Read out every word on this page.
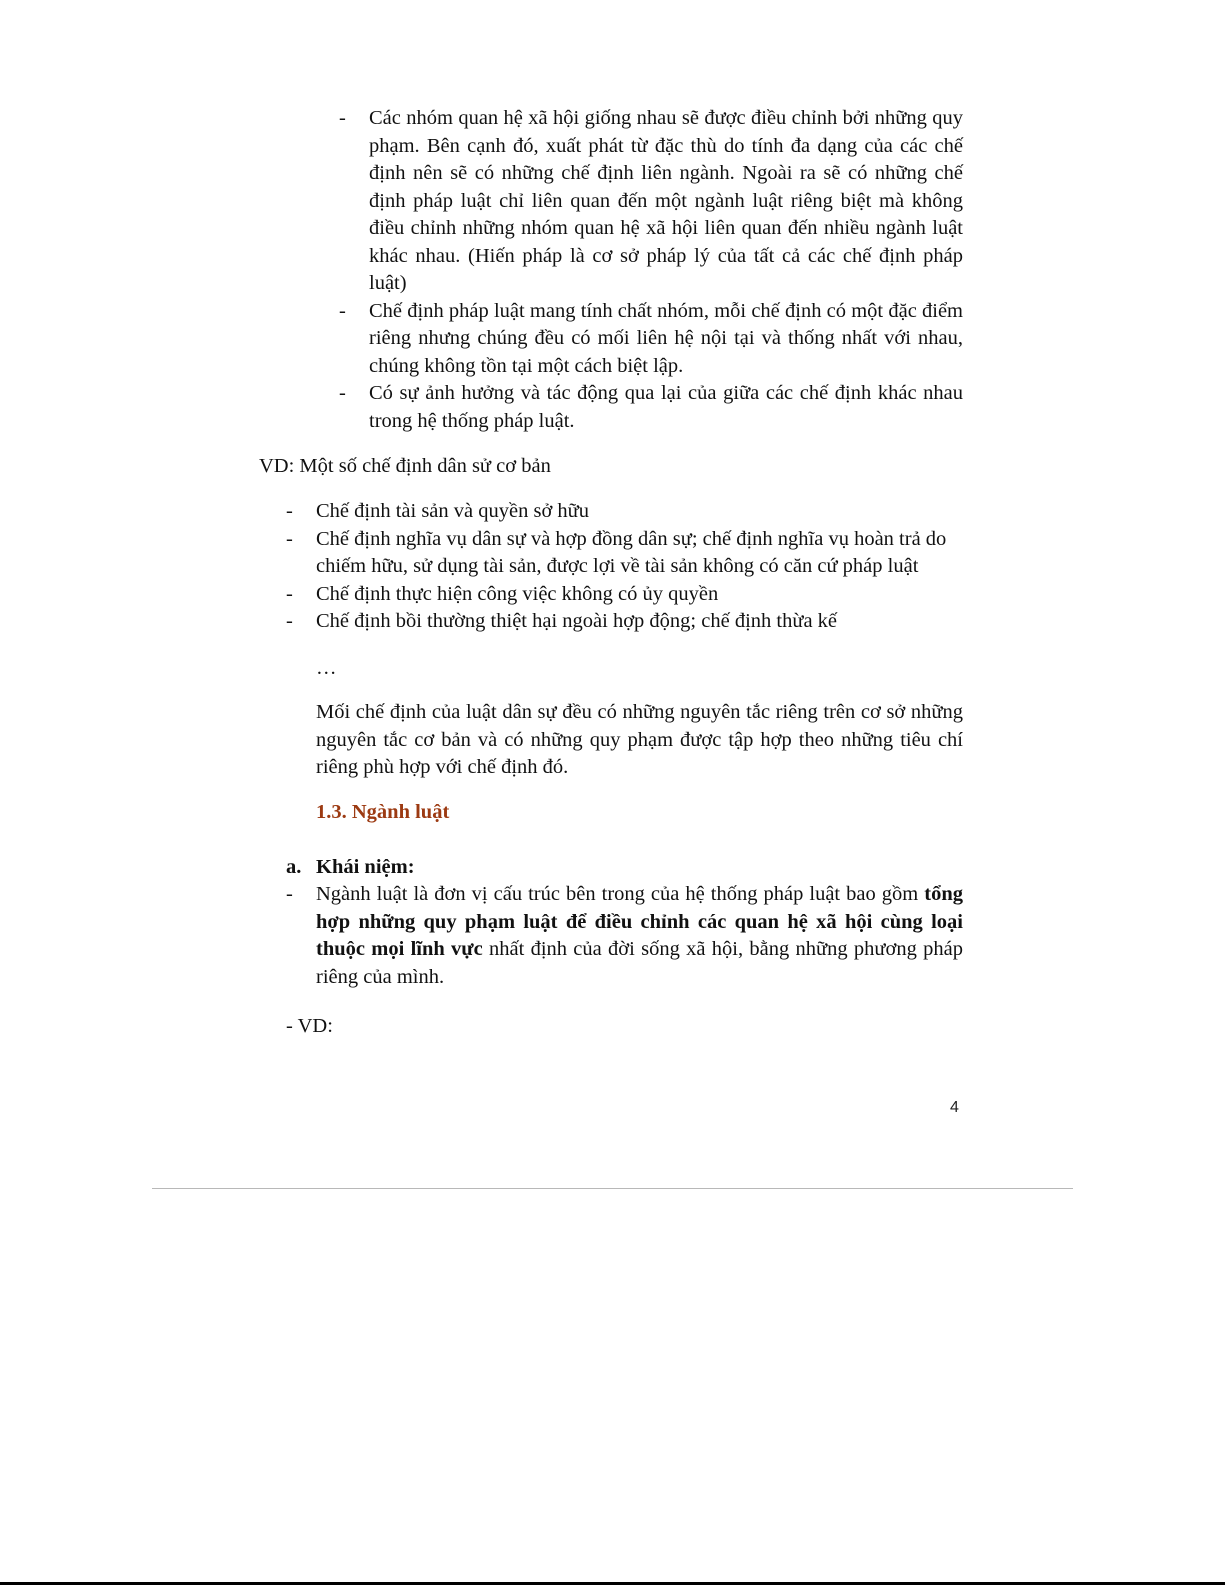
- Các nhóm quan hệ xã hội giống nhau sẽ được điều chỉnh bởi những quy phạm. Bên cạnh đó, xuất phát từ đặc thù do tính đa dạng của các chế định nên sẽ có những chế định liên ngành. Ngoài ra sẽ có những chế định pháp luật chỉ liên quan đến một ngành luật riêng biệt mà không điều chỉnh những nhóm quan hệ xã hội liên quan đến nhiều ngành luật khác nhau. (Hiến pháp là cơ sở pháp lý của tất cả các chế định pháp luật)
- Chế định pháp luật mang tính chất nhóm, mỗi chế định có một đặc điểm riêng nhưng chúng đều có mối liên hệ nội tại và thống nhất với nhau, chúng không tồn tại một cách biệt lập.
- Có sự ảnh hưởng và tác động qua lại của giữa các chế định khác nhau trong hệ thống pháp luật.
VD: Một số chế định dân sử cơ bản
- Chế định tài sản và quyền sở hữu
- Chế định nghĩa vụ dân sự và hợp đồng dân sự; chế định nghĩa vụ hoàn trả do chiếm hữu, sử dụng tài sản, được lợi về tài sản không có căn cứ pháp luật
- Chế định thực hiện công việc không có ủy quyền
- Chế định bồi thường thiệt hại ngoài hợp động; chế định thừa kế
…

Mối chế định của luật dân sự đều có những nguyên tắc riêng trên cơ sở những nguyên tắc cơ bản và có những quy phạm được tập hợp theo những tiêu chí riêng phù hợp với chế định đó.

1.3. Ngành luật
a. Khái niệm:

- Ngành luật là đơn vị cấu trúc bên trong của hệ thống pháp luật bao gồm tổng hợp những quy phạm luật để điều chỉnh các quan hệ xã hội cùng loại thuộc mọi lĩnh vực nhất định của đời sống xã hội, bằng những phương pháp riêng của mình.

- VD:
4
